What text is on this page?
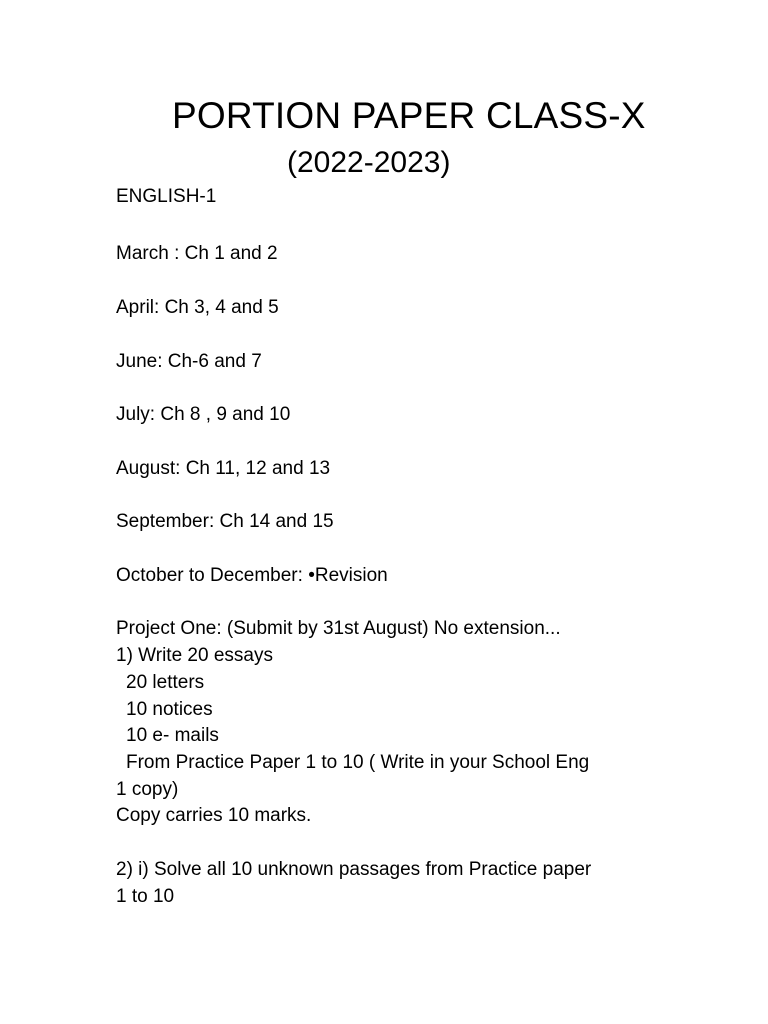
PORTION PAPER CLASS-X
(2022-2023)
ENGLISH-1
March : Ch 1 and 2
April: Ch 3, 4 and 5
June: Ch-6 and 7
July: Ch 8 , 9 and 10
August: Ch 11, 12 and 13
September: Ch 14 and 15
October to December: •Revision
Project One: (Submit by 31st August) No extension...
1) Write 20 essays
20 letters
10 notices
10 e- mails
From Practice Paper 1 to 10 ( Write in your School Eng
1 copy)
Copy carries 10 marks.
2) i) Solve all 10 unknown passages from Practice paper
1 to 10
